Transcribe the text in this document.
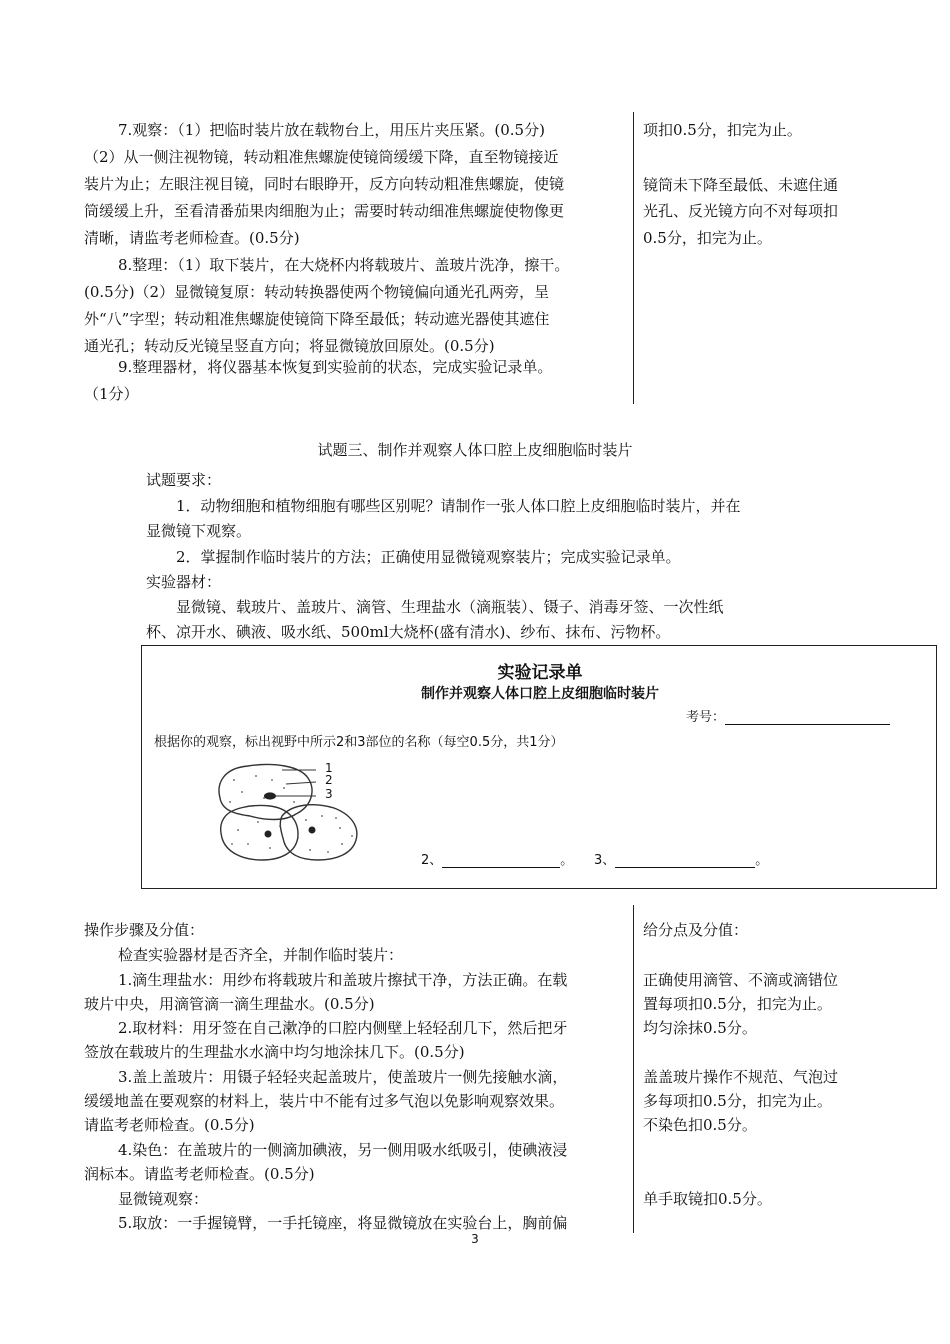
7.观察：（1）把临时装片放在载物台上，用压片夹压紧。(0.5分)
（2）从一侧注视物镜，转动粗准焦螺旋使镜筒缓缓下降，直至物镜接近
装片为止；左眼注视目镜，同时右眼睁开，反方向转动粗准焦螺旋，使镜
筒缓缓上升，至看清番茄果肉细胞为止；需要时转动细准焦螺旋使物像更
清晰，请监考老师检查。(0.5分)
8.整理：（1）取下装片，在大烧杯内将载玻片、盖玻片洗净，擦干。
(0.5分)（2）显微镜复原：转动转换器使两个物镜偏向通光孔两旁，呈
外“八”字型；转动粗准焦螺旋使镜筒下降至最低；转动遮光器使其遮住
通光孔；转动反光镜呈竖直方向；将显微镜放回原处。(0.5分)
9.整理器材，将仪器基本恢复到实验前的状态，完成实验记录单。
（1分）
项扣0.5分，扣完为止。
镜筒未下降至最低、未遮住通
光孔、反光镜方向不对每项扣
0.5分，扣完为止。
试题三、制作并观察人体口腔上皮细胞临时装片
试题要求：
1．动物细胞和植物细胞有哪些区别呢？请制作一张人体口腔上皮细胞临时装片，并在
显微镜下观察。
2．掌握制作临时装片的方法；正确使用显微镜观察装片；完成实验记录单。
实验器材：
显微镜、载玻片、盖玻片、滴管、生理盐水（滴瓶装）、镊子、消毒牙签、一次性纸
杯、凉开水、碘液、吸水纸、500ml大烧杯(盛有清水)、纱布、抹布、污物杯。
实验记录单
制作并观察人体口腔上皮细胞临时装片
考号：
根据你的观察，标出视野中所示2和3部位的名称（每空0.5分，共1分）
1
2
3
2、	。 3、	。
操作步骤及分值：
检查实验器材是否齐全，并制作临时装片：
1.滴生理盐水：用纱布将载玻片和盖玻片擦拭干净，方法正确。在载
玻片中央，用滴管滴一滴生理盐水。(0.5分)
2.取材料：用牙签在自己漱净的口腔内侧壁上轻轻刮几下，然后把牙
签放在载玻片的生理盐水水滴中均匀地涂抹几下。(0.5分)
3.盖上盖玻片：用镊子轻轻夹起盖玻片，使盖玻片一侧先接触水滴，
缓缓地盖在要观察的材料上，装片中不能有过多气泡以免影响观察效果。
请监考老师检查。(0.5分)
4.染色：在盖玻片的一侧滴加碘液，另一侧用吸水纸吸引，使碘液浸
润标本。请监考老师检查。(0.5分)
显微镜观察：
5.取放：一手握镜臂，一手托镜座，将显微镜放在实验台上，胸前偏
给分点及分值：
正确使用滴管、不滴或滴错位
置每项扣0.5分，扣完为止。
均匀涂抹0.5分。
盖盖玻片操作不规范、气泡过
多每项扣0.5分，扣完为止。
不染色扣0.5分。
单手取镜扣0.5分。
3
